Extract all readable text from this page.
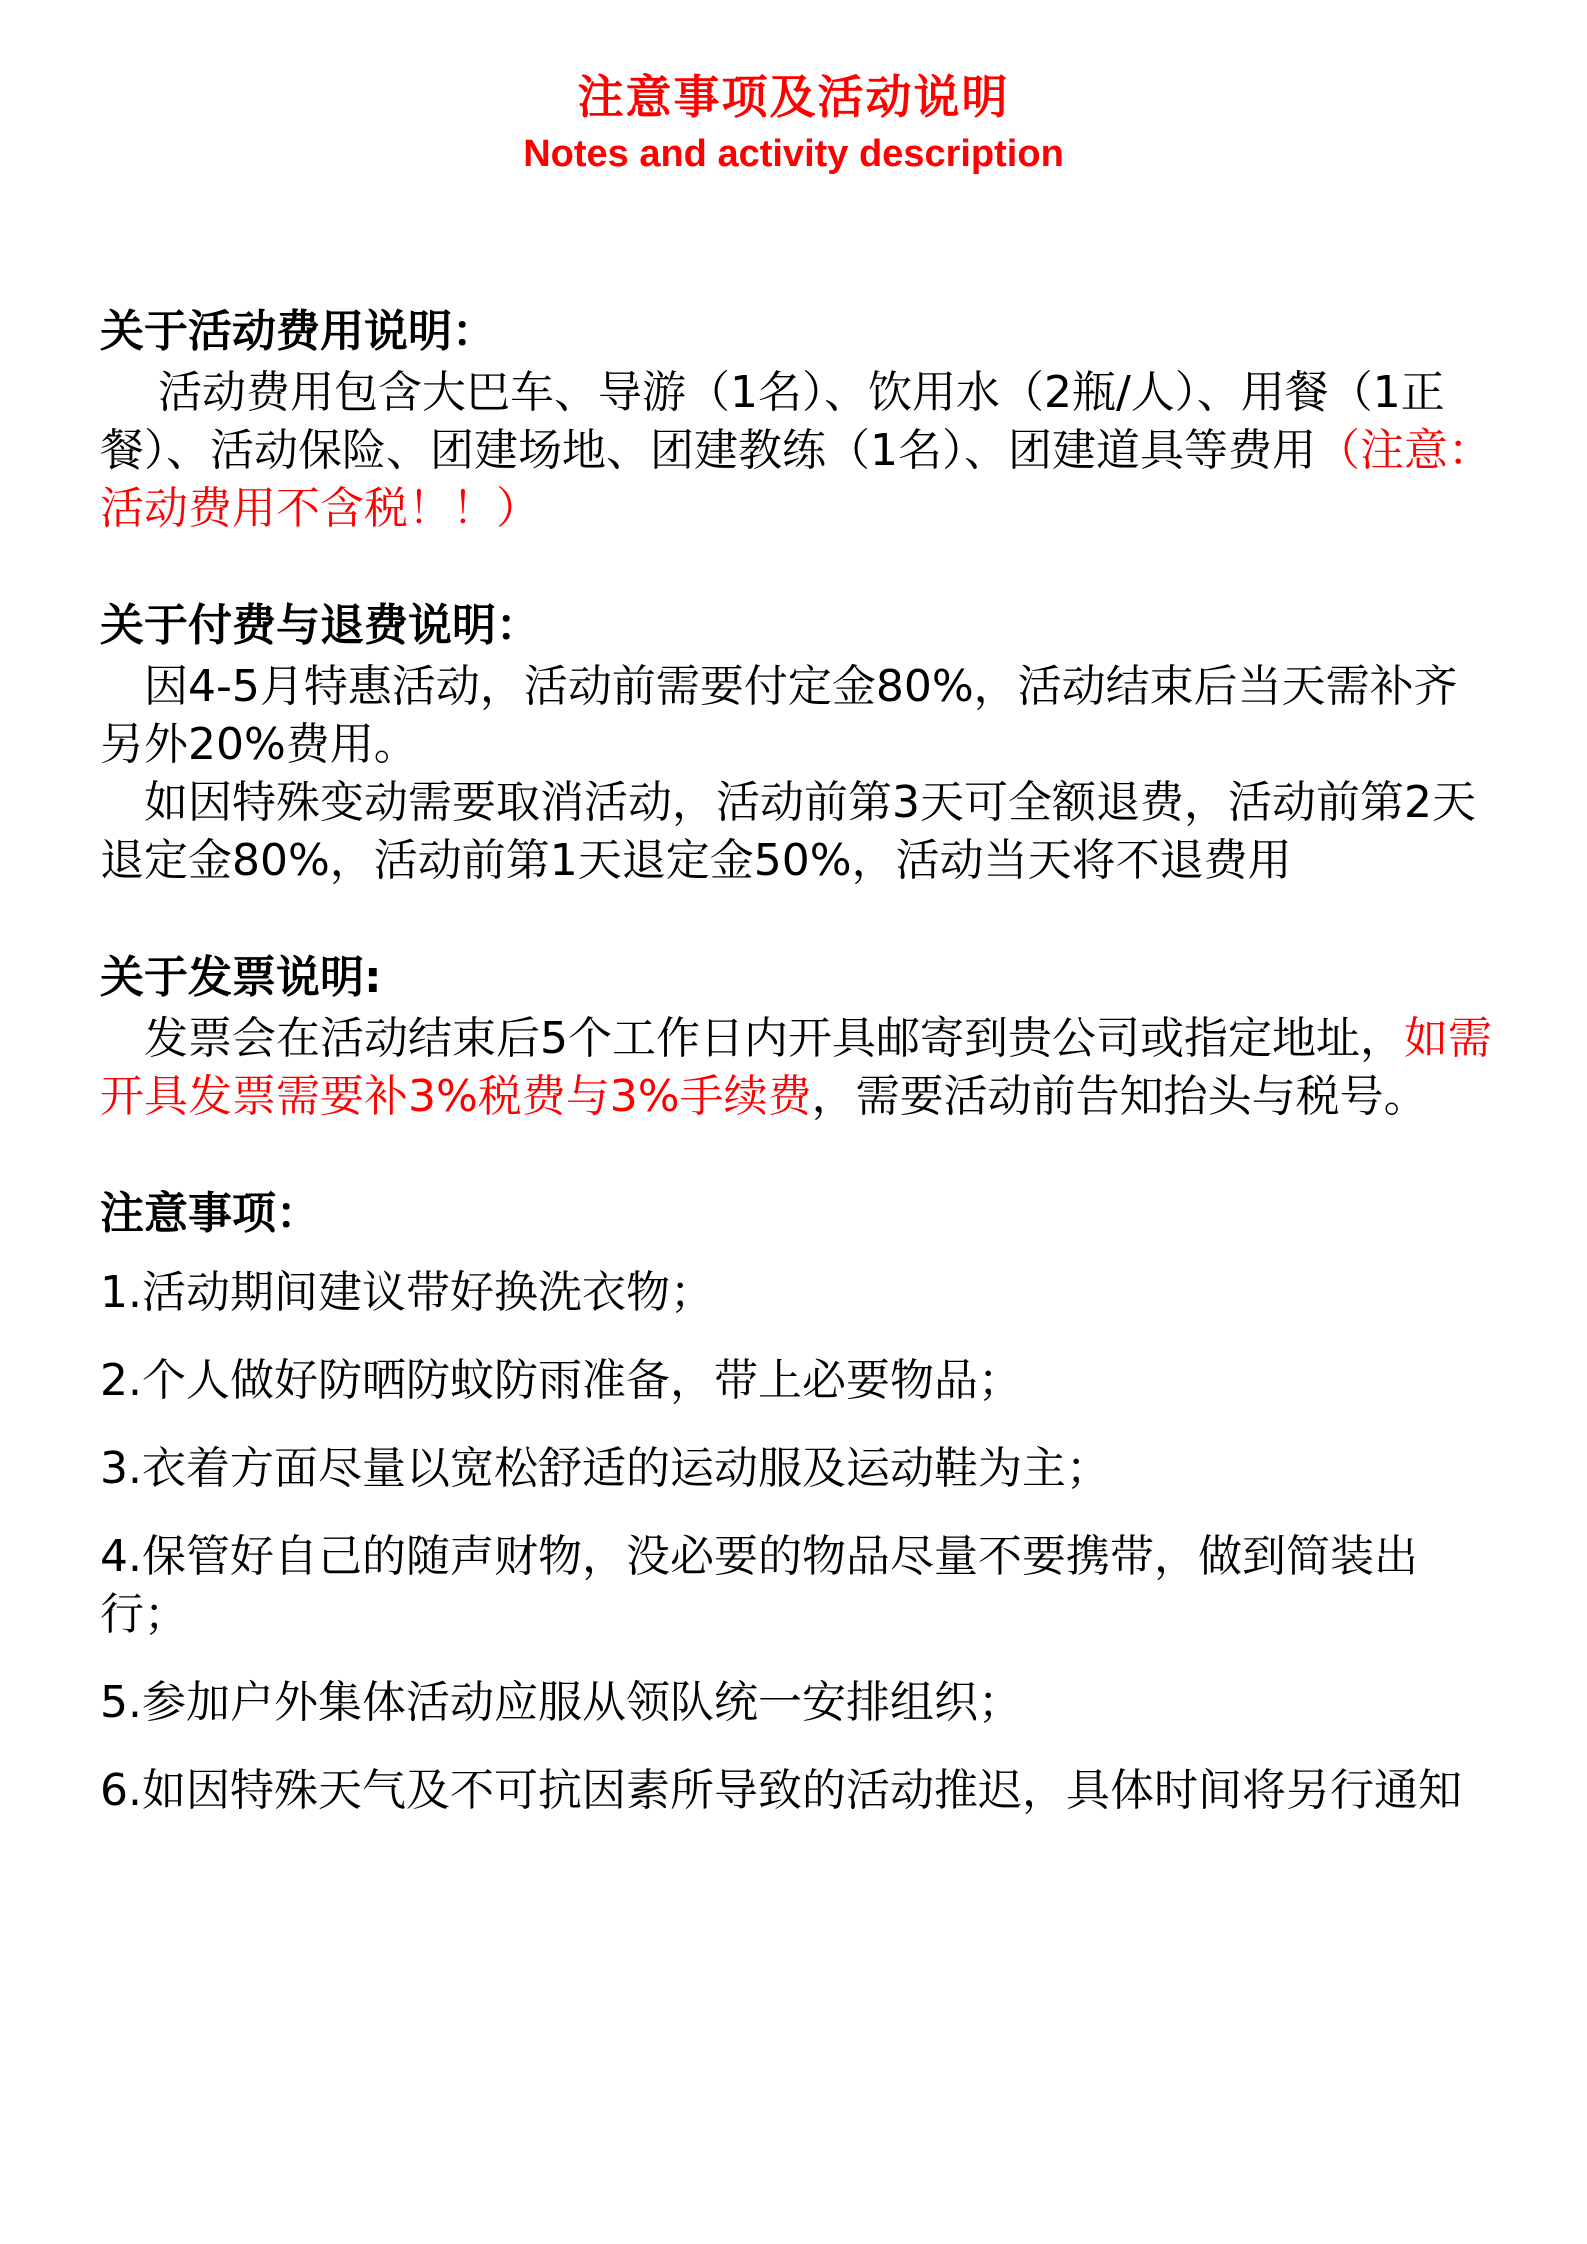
注意事项及活动说明
Notes and activity description
关于活动费用说明：
　 活动费用包含大巴车、导游（1名）、饮用水（2瓶/人）、用餐（1正餐）、活动保险、团建场地、团建教练（1名）、团建道具等费用（注意：活动费用不含税！！）
关于付费与退费说明：
　因4-5月特惠活动，活动前需要付定金80%，活动结束后当天需补齐另外20%费用。
　如因特殊变动需要取消活动，活动前第3天可全额退费，活动前第2天退定金80%，活动前第1天退定金50%，活动当天将不退费用
关于发票说明:
　发票会在活动结束后5个工作日内开具邮寄到贵公司或指定地址，如需开具发票需要补3%税费与3%手续费，需要活动前告知抬头与税号。
注意事项：
1.活动期间建议带好换洗衣物；
2.个人做好防晒防蚊防雨准备，带上必要物品；
3.衣着方面尽量以宽松舒适的运动服及运动鞋为主；
4.保管好自己的随声财物，没必要的物品尽量不要携带，做到简装出行；
5.参加户外集体活动应服从领队统一安排组织；
6.如因特殊天气及不可抗因素所导致的活动推迟，具体时间将另行通知
